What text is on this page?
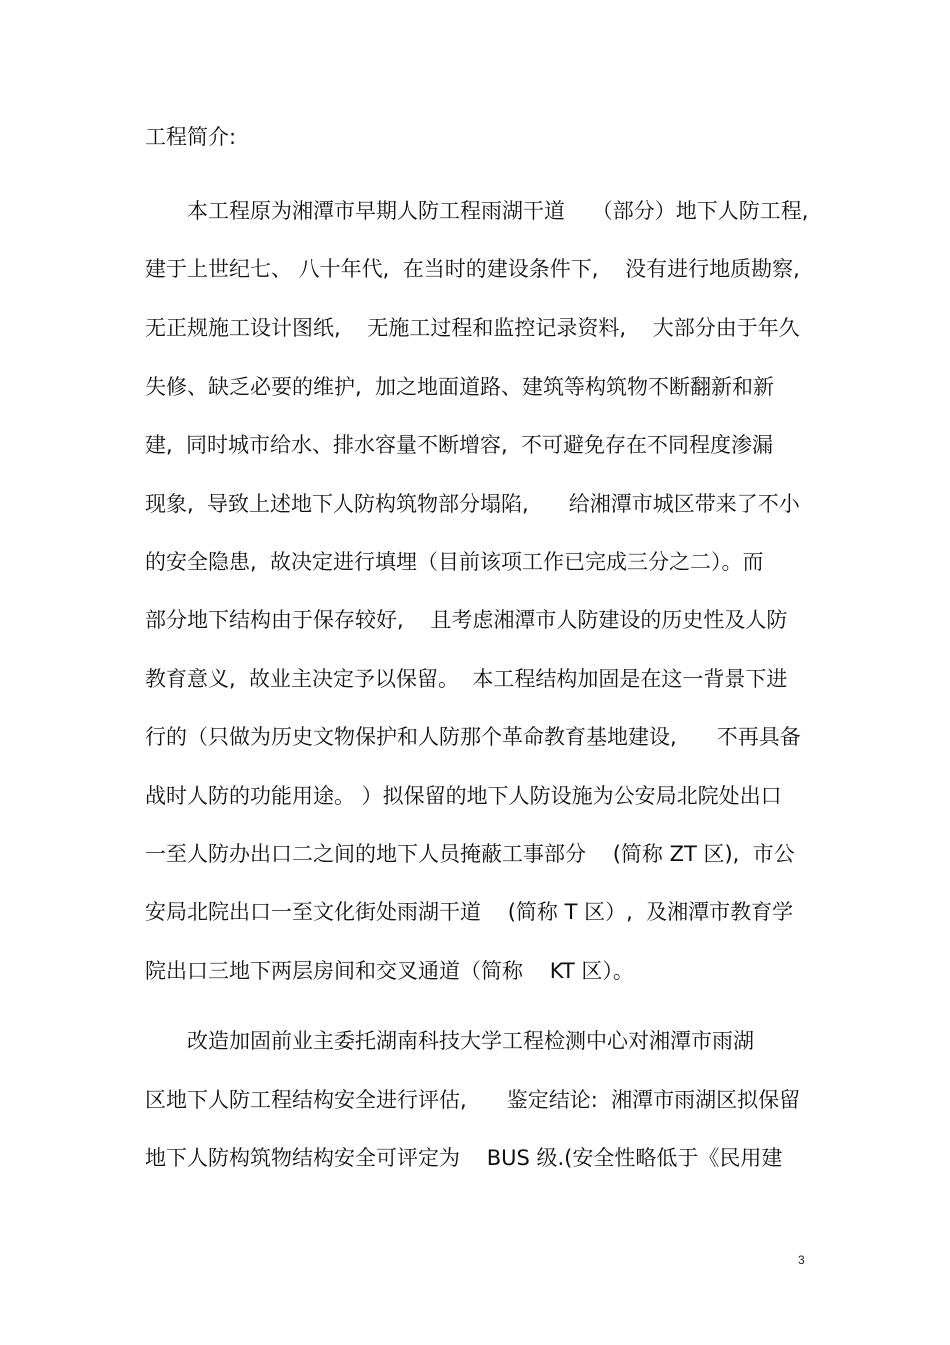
工程简介:

本工程原为湘潭市早期人防工程雨湖干道    （部分）地下人防工程,

建于上世纪七、 八十年代,  在当时的建设条件下,    没有进行地质勘察,

无正规施工设计图纸,    无施工过程和监控记录资料,    大部分由于年久

失修、缺乏必要的维护,  加之地面道路、建筑等构筑物不断翻新和新

建,  同时城市给水、排水容量不断增容,  不可避免存在不同程度渗漏

现象,  导致上述地下人防构筑物部分塌陷,      给湘潭市城区带来了不小

的安全隐患,  故决定进行填埋（目前该项工作已完成三分之二）。而

部分地下结构由于保存较好,    且考虑湘潭市人防建设的历史性及人防

教育意义,  故业主决定予以保留。  本工程结构加固是在这一背景下进

行的（只做为历史文物保护和人防那个革命教育基地建设,      不再具备

战时人防的功能用途。 ）拟保留的地下人防设施为公安局北院处出口

一至人防办出口二之间的地下人员掩蔽工事部分    (简称 ZT 区),  市公

安局北院出口一至文化街处雨湖干道    (简称 T 区）,  及湘潭市教育学

院出口三地下两层房间和交叉通道（简称    KT 区）。

改造加固前业主委托湖南科技大学工程检测中心对湘潭市雨湖

区地下人防工程结构安全进行评估,      鉴定结论:  湘潭市雨湖区拟保留

地下人防构筑物结构安全可评定为    BUS 级.(安全性略低于《民用建

3
